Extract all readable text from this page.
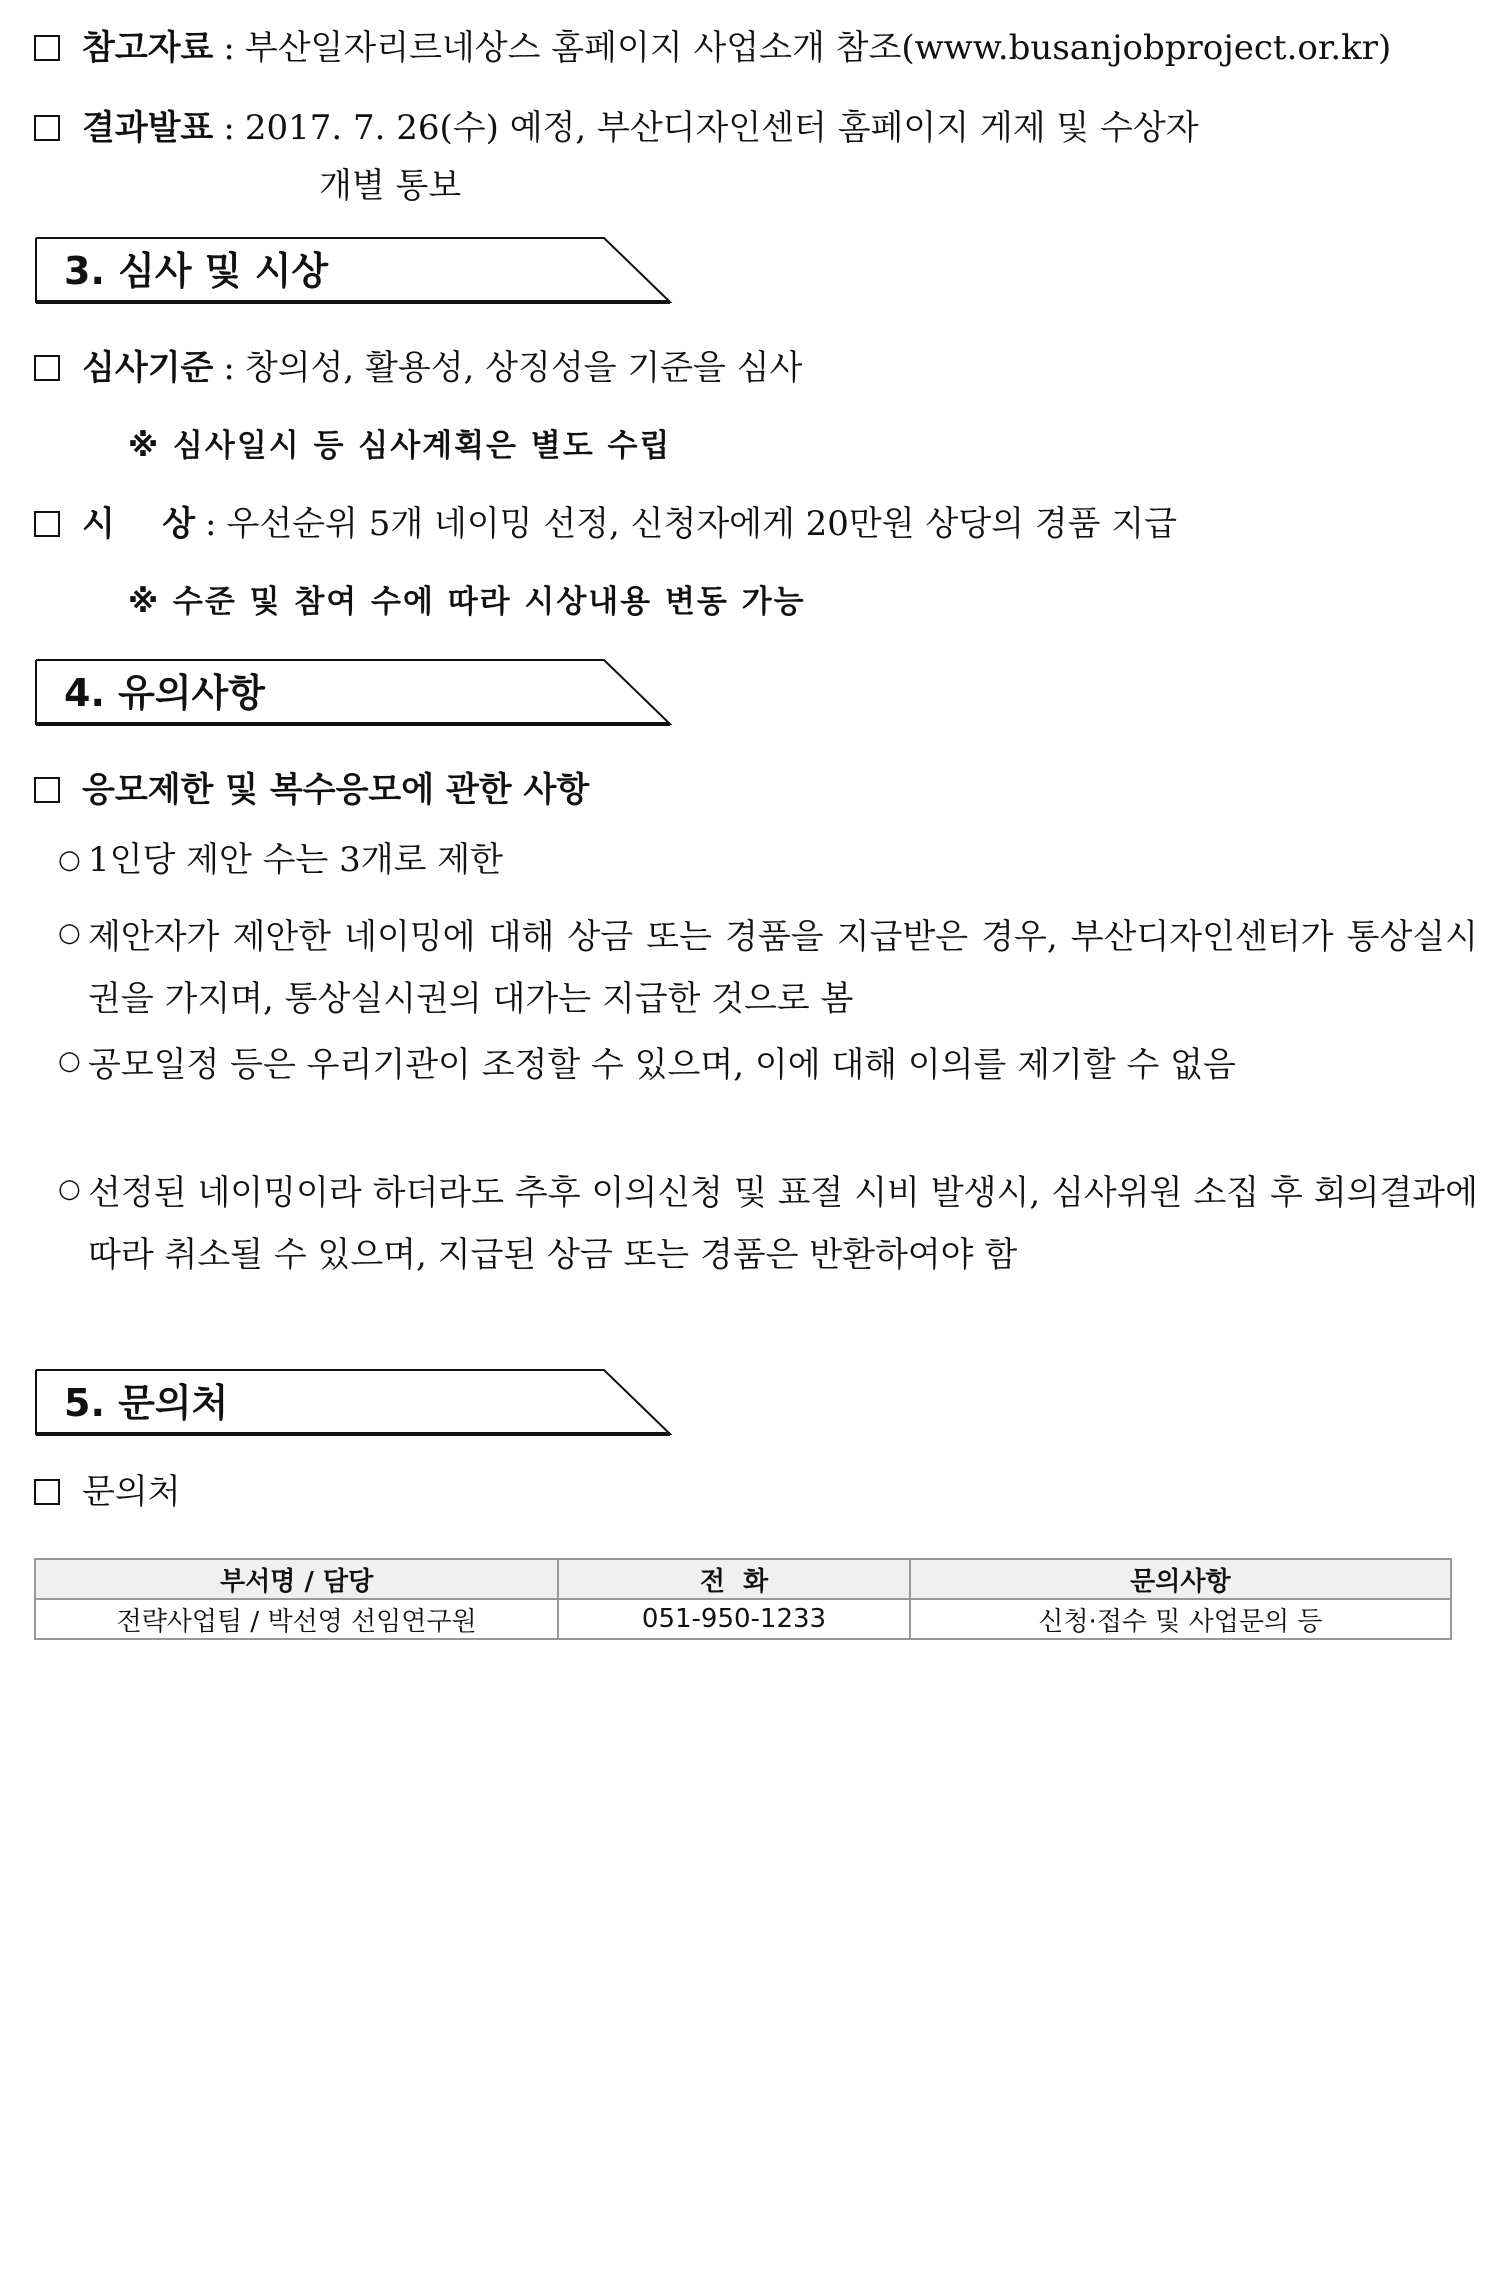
참고자료 : 부산일자리르네상스 홈페이지 사업소개 참조(www.busanjobproject.or.kr)
결과발표 : 2017. 7. 26(수) 예정, 부산디자인센터 홈페이지 게제 및 수상자
개별 통보
3. 심사 및 시상
심사기준 : 창의성, 활용성, 상징성을 기준을 심사
※ 심사일시 등 심사계획은 별도 수립
시    상 : 우선순위 5개 네이밍 선정, 신청자에게 20만원 상당의 경품 지급
※ 수준 및 참여 수에 따라 시상내용 변동 가능
4. 유의사항
응모제한 및 복수응모에 관한 사항
○ 1인당 제안 수는 3개로 제한
○ 제안자가 제안한 네이밍에 대해 상금 또는 경품을 지급받은 경우, 부산디자인센터가 통상실시권을 가지며, 통상실시권의 대가는 지급한 것으로 봄
○ 공모일정 등은 우리기관이 조정할 수 있으며, 이에 대해 이의를 제기할 수 없음
○ 선정된 네이밍이라 하더라도 추후 이의신청 및 표절 시비 발생시, 심사위원 소집 후 회의결과에 따라 취소될 수 있으며, 지급된 상금 또는 경품은 반환하여야 함
5. 문의처
문의처
부서명 / 담당	전  화	문의사항
전략사업팀 / 박선영 선임연구원	051-950-1233	신청·접수 및 사업문의 등
